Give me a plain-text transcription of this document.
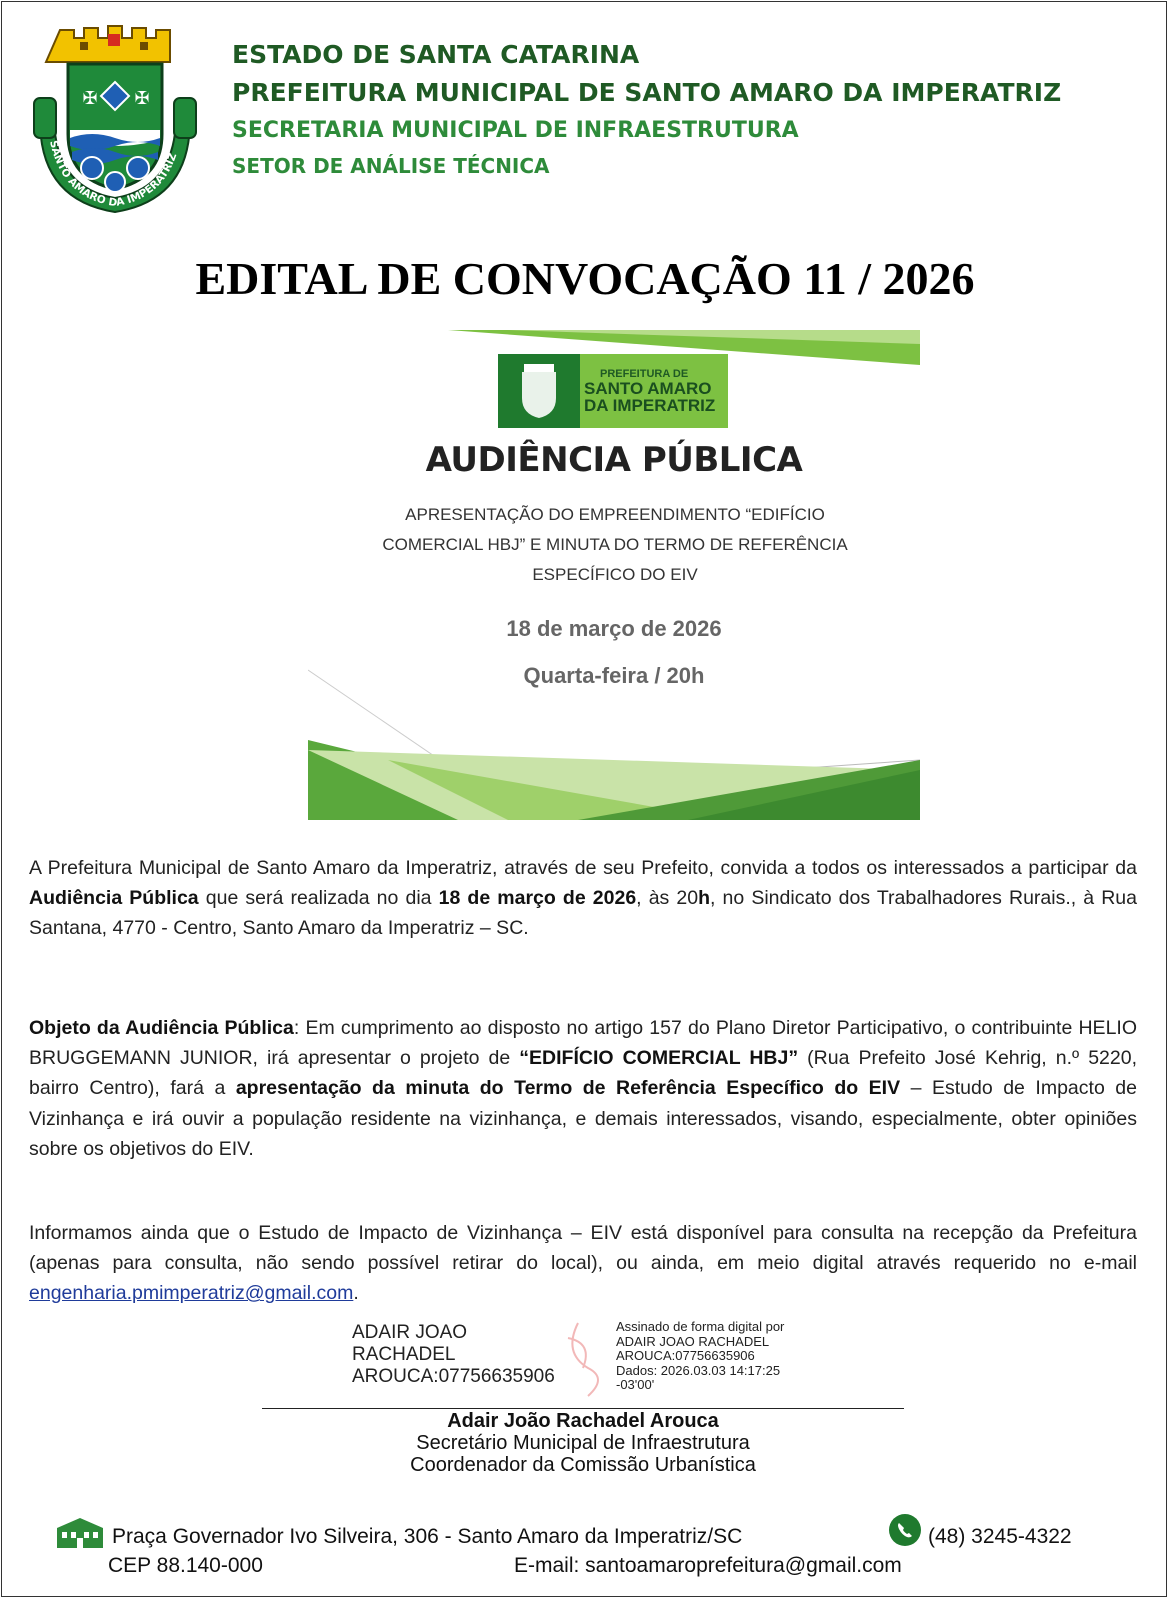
✠ ✠
SANTO AMARO DA IMPERATRIZ
ESTADO DE SANTA CATARINA
PREFEITURA MUNICIPAL DE SANTO AMARO DA IMPERATRIZ
SECRETARIA MUNICIPAL DE INFRAESTRUTURA
SETOR DE ANÁLISE TÉCNICA
EDITAL DE CONVOCAÇÃO 11 / 2026
PREFEITURA DE
SANTO AMARO
DA IMPERATRIZ
AUDIÊNCIA PÚBLICA
APRESENTAÇÃO DO EMPREENDIMENTO “EDIFÍCIO
COMERCIAL HBJ” E MINUTA DO TERMO DE REFERÊNCIA
ESPECÍFICO DO EIV
18 de março de 2026
Quarta-feira / 20h
A Prefeitura Municipal de Santo Amaro da Imperatriz, através de seu Prefeito, convida a todos os interessados a participar da Audiência Pública que será realizada no dia 18 de março de 2026, às 20h, no Sindicato dos Trabalhadores Rurais., à Rua Santana, 4770 - Centro, Santo Amaro da Imperatriz – SC.
Objeto da Audiência Pública: Em cumprimento ao disposto no artigo 157 do Plano Diretor Participativo, o contribuinte HELIO BRUGGEMANN JUNIOR, irá apresentar o projeto de “EDIFÍCIO COMERCIAL HBJ” (Rua Prefeito José Kehrig, n.º 5220, bairro Centro), fará a apresentação da minuta do Termo de Referência Específico do EIV – Estudo de Impacto de Vizinhança e irá ouvir a população residente na vizinhança, e demais interessados, visando, especialmente, obter opiniões sobre os objetivos do EIV.
Informamos ainda que o Estudo de Impacto de Vizinhança – EIV está disponível para consulta na recepção da Prefeitura (apenas para consulta, não sendo possível retirar do local), ou ainda, em meio digital através requerido no e-mail engenharia.pmimperatriz@gmail.com.
ADAIR JOAO
RACHADEL
AROUCA:07756635906
Assinado de forma digital por
ADAIR JOAO RACHADEL
AROUCA:07756635906
Dados: 2026.03.03 14:17:25
-03'00'
Adair João Rachadel Arouca
Secretário Municipal de Infraestrutura
Coordenador da Comissão Urbanística
Praça Governador Ivo Silveira, 306 - Santo Amaro da Imperatriz/SC
CEP 88.140-000
(48) 3245-4322
E-mail: santoamaroprefeitura@gmail.com
